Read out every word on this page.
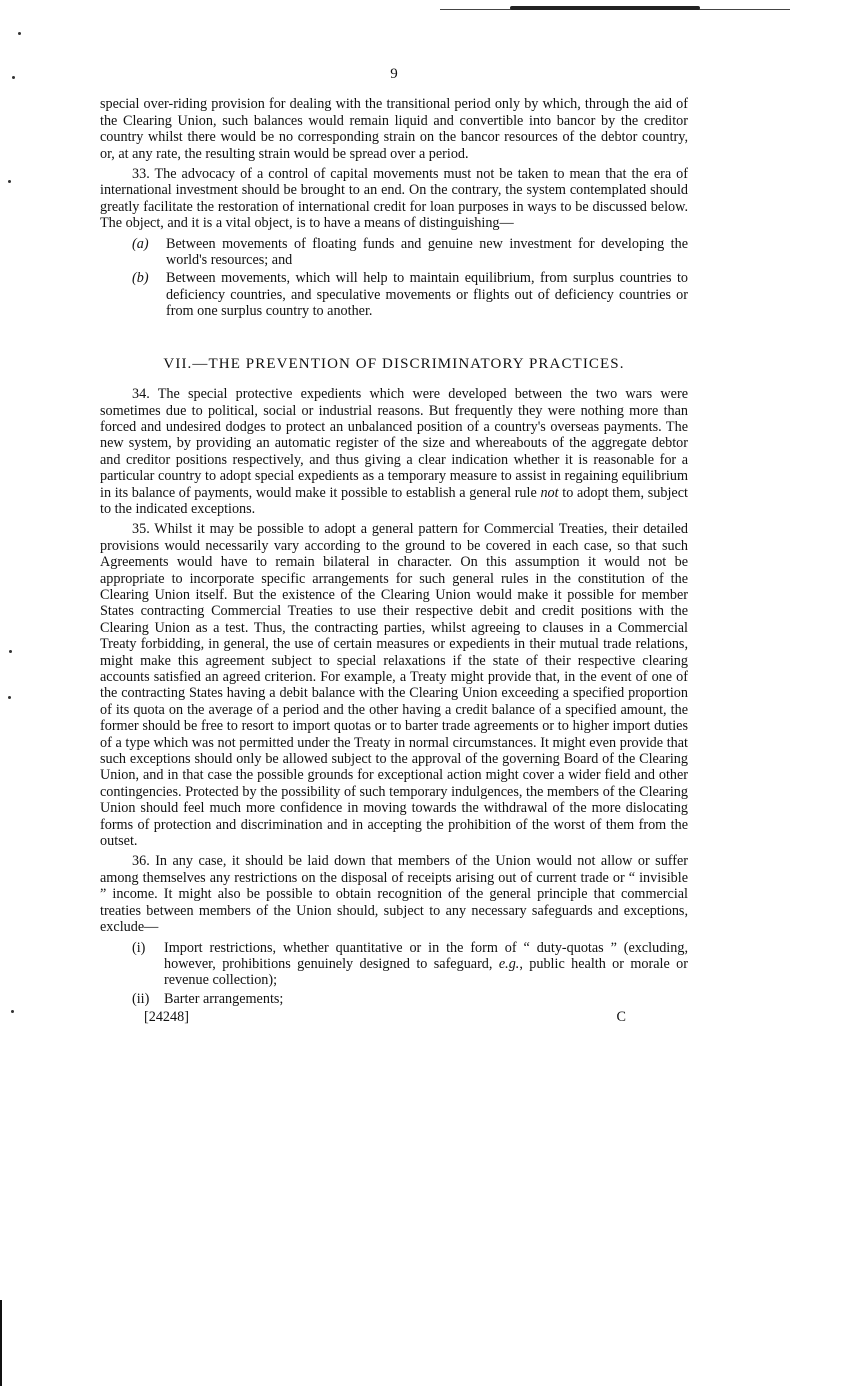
9

special over-riding provision for dealing with the transitional period only by which, through the aid of the Clearing Union, such balances would remain liquid and convertible into bancor by the creditor country whilst there would be no corresponding strain on the bancor resources of the debtor country, or, at any rate, the resulting strain would be spread over a period.

33. The advocacy of a control of capital movements must not be taken to mean that the era of international investment should be brought to an end. On the contrary, the system contemplated should greatly facilitate the restoration of international credit for loan purposes in ways to be discussed below. The object, and it is a vital object, is to have a means of distinguishing—

(a)	Between movements of floating funds and genuine new investment for developing the world's resources; and
(b)	Between movements, which will help to maintain equilibrium, from surplus countries to deficiency countries, and speculative movements or flights out of deficiency countries or from one surplus country to another.
VII.—THE PREVENTION OF DISCRIMINATORY PRACTICES.

34. The special protective expedients which were developed between the two wars were sometimes due to political, social or industrial reasons. But frequently they were nothing more than forced and undesired dodges to protect an unbalanced position of a country's overseas payments. The new system, by providing an automatic register of the size and whereabouts of the aggregate debtor and creditor positions respectively, and thus giving a clear indication whether it is reasonable for a particular country to adopt special expedients as a temporary measure to assist in regaining equilibrium in its balance of payments, would make it possible to establish a general rule not to adopt them, subject to the indicated exceptions.

35. Whilst it may be possible to adopt a general pattern for Commercial Treaties, their detailed provisions would necessarily vary according to the ground to be covered in each case, so that such Agreements would have to remain bilateral in character. On this assumption it would not be appropriate to incorporate specific arrangements for such general rules in the constitution of the Clearing Union itself. But the existence of the Clearing Union would make it possible for member States contracting Commercial Treaties to use their respective debit and credit positions with the Clearing Union as a test. Thus, the contracting parties, whilst agreeing to clauses in a Commercial Treaty forbidding, in general, the use of certain measures or expedients in their mutual trade relations, might make this agreement subject to special relaxations if the state of their respective clearing accounts satisfied an agreed criterion. For example, a Treaty might provide that, in the event of one of the contracting States having a debit balance with the Clearing Union exceeding a specified proportion of its quota on the average of a period and the other having a credit balance of a specified amount, the former should be free to resort to import quotas or to barter trade agreements or to higher import duties of a type which was not permitted under the Treaty in normal circumstances. It might even provide that such exceptions should only be allowed subject to the approval of the governing Board of the Clearing Union, and in that case the possible grounds for exceptional action might cover a wider field and other contingencies. Protected by the possibility of such temporary indulgences, the members of the Clearing Union should feel much more confidence in moving towards the withdrawal of the more dislocating forms of protection and discrimination and in accepting the prohibition of the worst of them from the outset.

36. In any case, it should be laid down that members of the Union would not allow or suffer among themselves any restrictions on the disposal of receipts arising out of current trade or “ invisible ” income. It might also be possible to obtain recognition of the general principle that commercial treaties between members of the Union should, subject to any necessary safeguards and exceptions, exclude—

(i)	Import restrictions, whether quantitative or in the form of “ duty-quotas ” (excluding, however, prohibitions genuinely designed to safeguard, e.g., public health or morale or revenue collection);
(ii)	Barter arrangements;
[24248]	C
